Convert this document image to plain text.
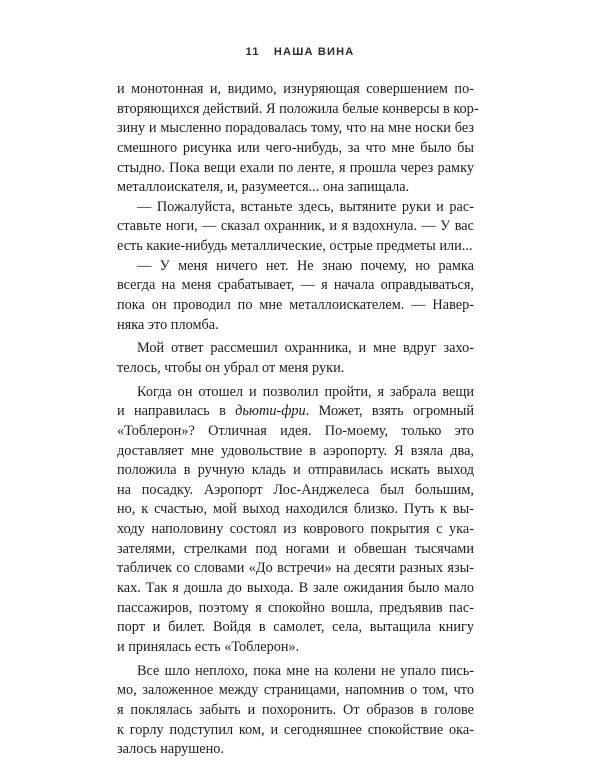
11 НАША ВИНА
и монотонная и, видимо, изнуряющая совершением по-
вторяющихся действий. Я положила белые конверсы в кор-
зину и мысленно порадовалась тому, что на мне носки без
смешного рисунка или чего-нибудь, за что мне было бы
стыдно. Пока вещи ехали по ленте, я прошла через рамку
металлоискателя, и, разумеется... она запищала.
— Пожалуйста, встаньте здесь, вытяните руки и рас-
ставьте ноги, — сказал охранник, и я вздохнула. — У вас
есть какие-нибудь металлические, острые предметы или...
— У меня ничего нет. Не знаю почему, но рамка
всегда на меня срабатывает, — я начала оправдываться,
пока он проводил по мне металлоискателем. — Навер-
няка это пломба.
Мой ответ рассмешил охранника, и мне вдруг захо-
телось, чтобы он убрал от меня руки.
Когда он отошел и позволил пройти, я забрала вещи
и направилась в дьюти-фри. Может, взять огромный
«Тоблерон»? Отличная идея. По-моему, только это
доставляет мне удовольствие в аэропорту. Я взяла два,
положила в ручную кладь и отправилась искать выход
на посадку. Аэропорт Лос-Анджелеса был большим,
но, к счастью, мой выход находился близко. Путь к вы-
ходу наполовину состоял из коврового покрытия с ука-
зателями, стрелками под ногами и обвешан тысячами
табличек со словами «До встречи» на десяти разных язы-
ках. Так я дошла до выхода. В зале ожидания было мало
пассажиров, поэтому я спокойно вошла, предъявив пас-
порт и билет. Войдя в самолет, села, вытащила книгу
и принялась есть «Тоблерон».
Все шло неплохо, пока мне на колени не упало пись-
мо, заложенное между страницами, напомнив о том, что
я поклялась забыть и похоронить. От образов в голове
к горлу подступил ком, и сегодняшнее спокойствие ока-
залось нарушено.
